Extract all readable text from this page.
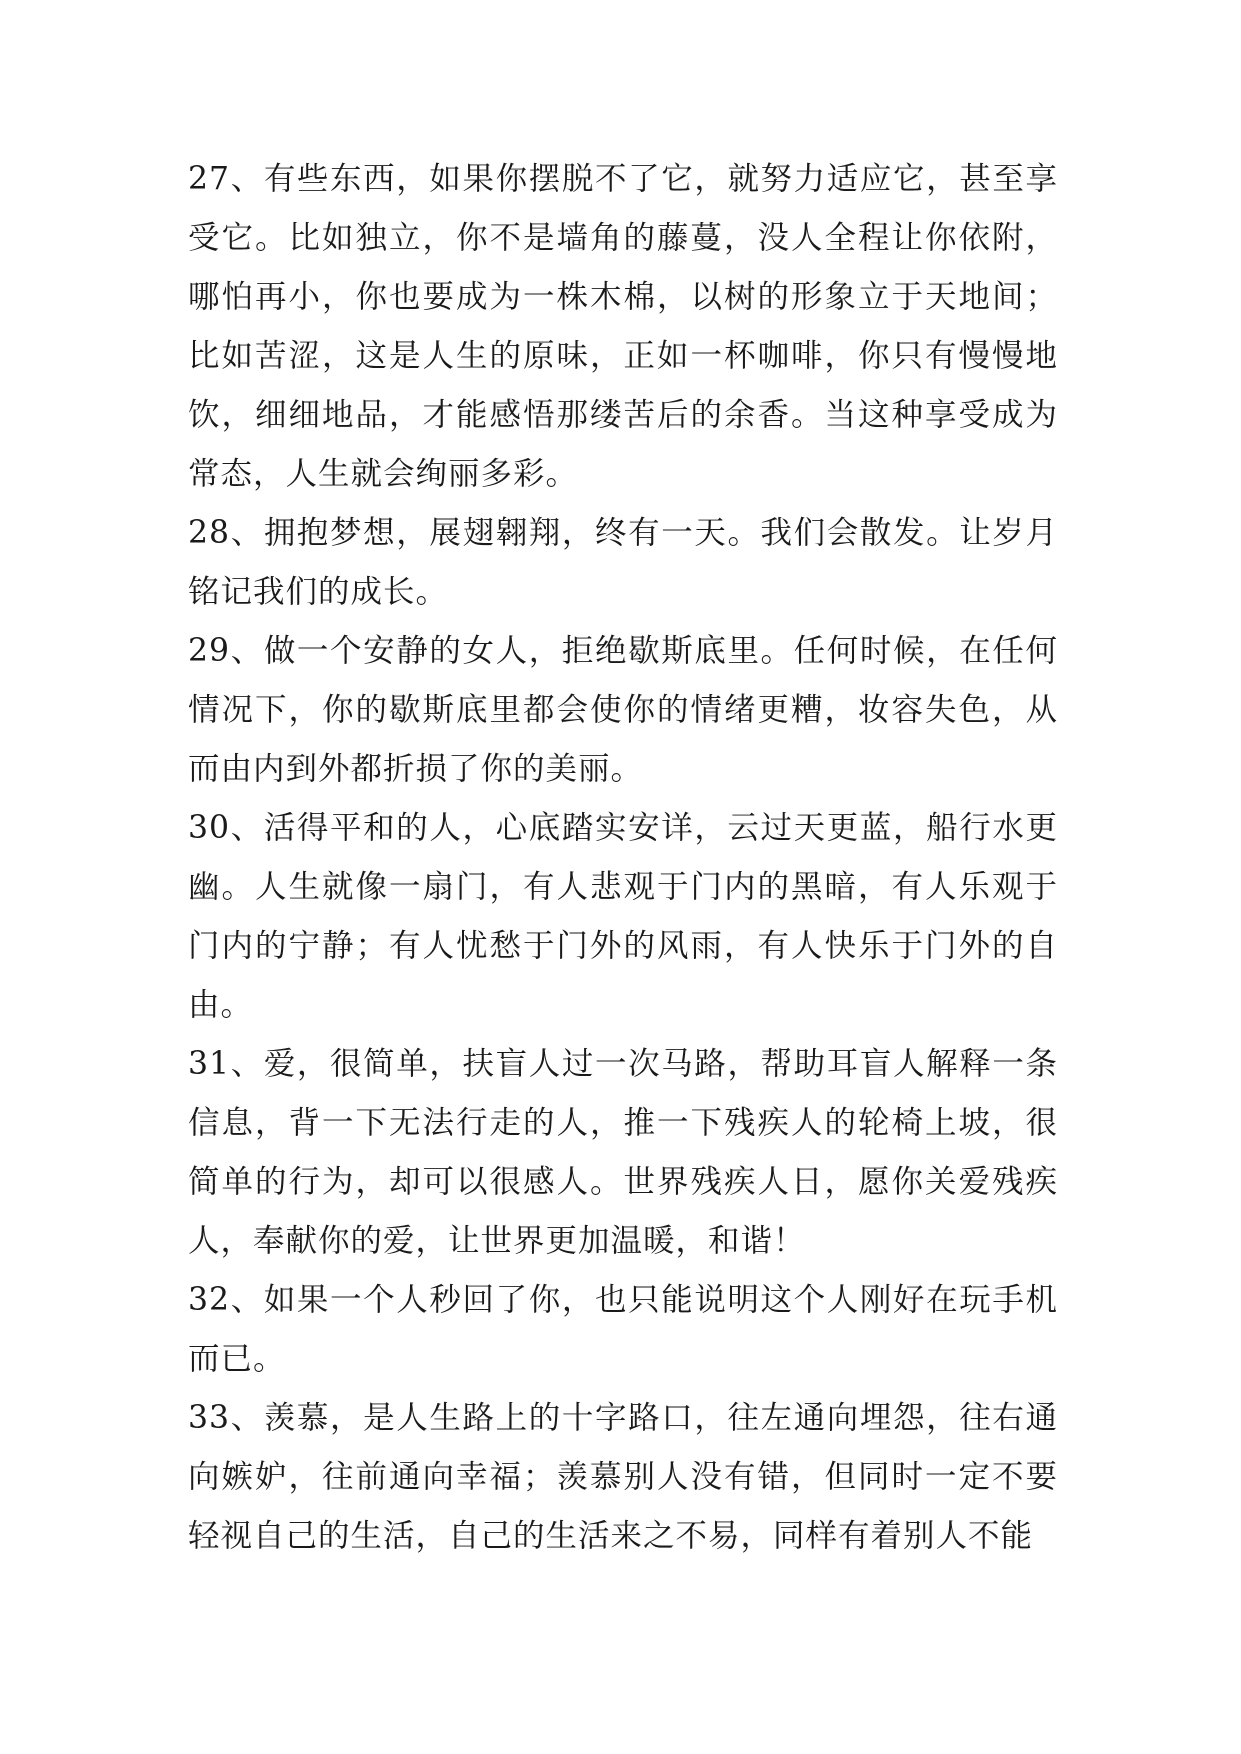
27、有些东西，如果你摆脱不了它，就努力适应它，甚至享受它。比如独立，你不是墙角的藤蔓，没人全程让你依附，哪怕再小，你也要成为一株木棉，以树的形象立于天地间；比如苦涩，这是人生的原味，正如一杯咖啡，你只有慢慢地饮，细细地品，才能感悟那缕苦后的余香。当这种享受成为常态，人生就会绚丽多彩。

28、拥抱梦想，展翅翱翔，终有一天。我们会散发。让岁月铭记我们的成长。

29、做一个安静的女人，拒绝歇斯底里。任何时候，在任何情况下，你的歇斯底里都会使你的情绪更糟，妆容失色，从而由内到外都折损了你的美丽。

30、活得平和的人，心底踏实安详，云过天更蓝，船行水更幽。人生就像一扇门，有人悲观于门内的黑暗，有人乐观于门内的宁静；有人忧愁于门外的风雨，有人快乐于门外的自由。

31、爱，很简单，扶盲人过一次马路，帮助耳盲人解释一条信息，背一下无法行走的人，推一下残疾人的轮椅上坡，很简单的行为，却可以很感人。世界残疾人日，愿你关爱残疾人，奉献你的爱，让世界更加温暖，和谐！

32、如果一个人秒回了你，也只能说明这个人刚好在玩手机而已。

33、羡慕，是人生路上的十字路口，往左通向埋怨，往右通向嫉妒，往前通向幸福；羡慕别人没有错，但同时一定不要轻视自己的生活，自己的生活来之不易，同样有着别人不能
